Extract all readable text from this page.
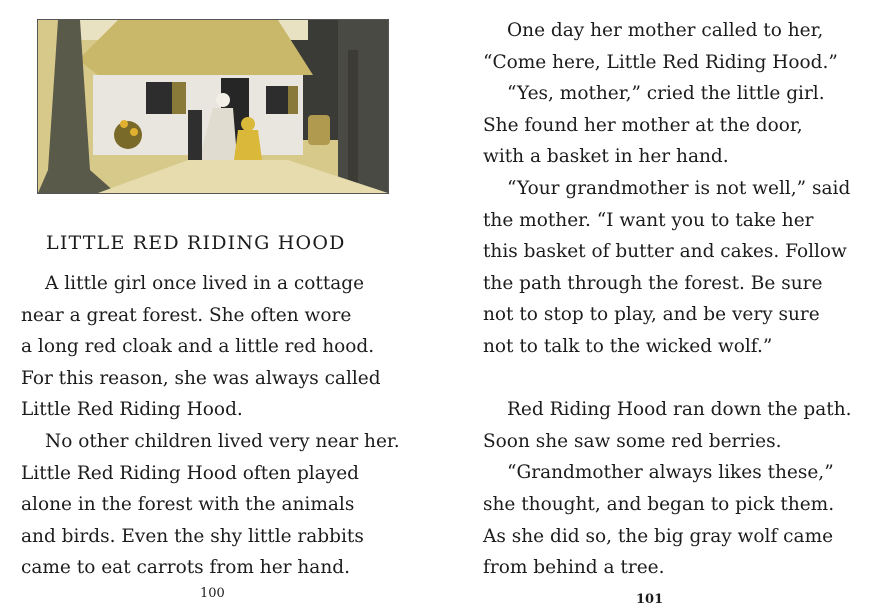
LITTLE RED RIDING HOOD
A little girl once lived in a cottage
near a great forest. She often wore
a long red cloak and a little red hood.
For this reason, she was always called
Little Red Riding Hood.
No other children lived very near her.
Little Red Riding Hood often played
alone in the forest with the animals
and birds. Even the shy little rabbits
came to eat carrots from her hand.
One day her mother called to her,
“Come here, Little Red Riding Hood.”
“Yes, mother,” cried the little girl.
She found her mother at the door,
with a basket in her hand.
“Your grandmother is not well,” said
the mother. “I want you to take her
this basket of butter and cakes. Follow
the path through the forest. Be sure
not to stop to play, and be very sure
not to talk to the wicked wolf.”
Red Riding Hood ran down the path.
Soon she saw some red berries.
“Grandmother always likes these,”
she thought, and began to pick them.
As she did so, the big gray wolf came
from behind a tree.
100	101
